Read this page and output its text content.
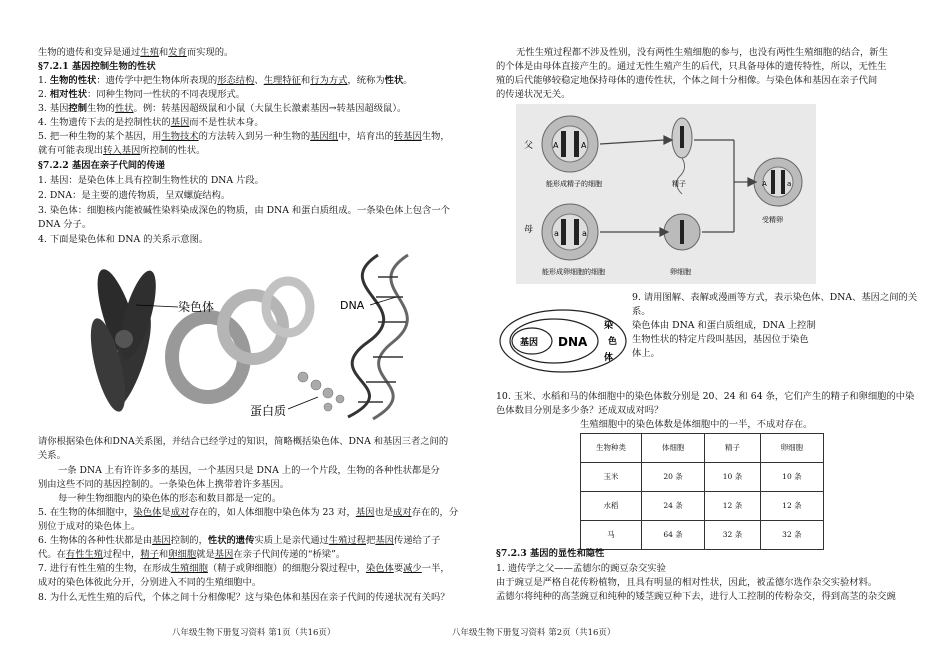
生物的遗传和变异是通过生殖和发育而实现的。

§7.2.1 基因控制生物的性状

1. 生物的性状：遗传学中把生物体所表现的形态结构、生理特征和行为方式，统称为性状。

2. 相对性状：同种生物同一性状的不同表现形式。

3. 基因控制生物的性状。例：转基因超级鼠和小鼠（大鼠生长激素基因→转基因超级鼠）。

4. 生物遗传下去的是控制性状的基因而不是性状本身。

5. 把一种生物的某个基因，用生物技术的方法转入到另一种生物的基因组中，培育出的转基因生物，

就有可能表现出转入基因所控制的性状。

§7.2.2 基因在亲子代间的传递

1. 基因：是染色体上具有控制生物性状的 DNA 片段。

2. DNA：是主要的遗传物质，呈双螺旋结构。

3. 染色体：细胞核内能被碱性染料染成深色的物质，由 DNA 和蛋白质组成。一条染色体上包含一个

DNA 分子。

4. 下面是染色体和 DNA 的关系示意图。

染色体	DNA
蛋白质

请你根据染色体和DNA关系图，并结合已经学过的知识，简略概括染色体、DNA 和基因三者之间的

关系。

一条 DNA 上有许许多多的基因，一个基因只是 DNA 上的一个片段，生物的各种性状都是分

别由这些不同的基因控制的。一条染色体上携带着许多基因。

每一种生物细胞内的染色体的形态和数目都是一定的。

5. 在生物的体细胞中，染色体是成对存在的，如人体细胞中染色体为 23 对，基因也是成对存在的，分

别位于成对的染色体上。

6. 生物体的各种性状都是由基因控制的，性状的遗传实质上是亲代通过生殖过程把基因传递给了子

代。在有性生殖过程中，精子和卵细胞就是基因在亲子代间传递的“桥梁”。

7. 进行有性生殖的生物，在形成生殖细胞（精子或卵细胞）的细胞分裂过程中，染色体要减少一半，

成对的染色体彼此分开，分别进入不同的生殖细胞中。

8. 为什么无性生殖的后代，个体之间十分相像呢？这与染色体和基因在亲子代间的传递状况有关吗？

八年级生物下册复习资料 第1页（共16页）

无性生殖过程都不涉及性别，没有两性生殖细胞的参与，也没有两性生殖细胞的结合，新生

的个体是由母体直接产生的。通过无性生殖产生的后代，只具备母体的遗传特性，所以，无性生

殖的后代能够较稳定地保持母体的遗传性状，个体之间十分相像。与染色体和基因在亲子代间

的传递状况无关。

父
母
A	A
能形成精子的细胞	精子
a	a
能形成卵细胞的细胞	卵细胞
A	a
受精卵
基因 DNA
染
色
体

9. 请用图解、表解或漫画等方式，表示染色体、DNA、基因之间的关

系。

染色体由 DNA 和蛋白质组成，DNA 上控制

生物性状的特定片段叫基因，基因位于染色

体上。

10. 玉米、水稻和马的体细胞中的染色体数分别是 20、24 和 64 条，它们产生的精子和卵细胞的中染

色体数目分别是多少条？还成双成对吗？

生殖细胞中的染色体数是体细胞中的一半，不成对存在。

生物种类	体细胞	精子	卵细胞
玉米	20 条	10 条	10 条
水稻	24 条	12 条	12 条
马	64 条	32 条	32 条

§7.2.3 基因的显性和隐性

1. 遗传学之父——孟德尔的豌豆杂交实验

由于豌豆是严格自花传粉植物，且具有明显的相对性状，因此，被孟德尔选作杂交实验材料。

孟德尔将纯种的高茎豌豆和纯种的矮茎豌豆种下去，进行人工控制的传粉杂交，得到高茎的杂交豌

八年级生物下册复习资料 第2页（共16页）
